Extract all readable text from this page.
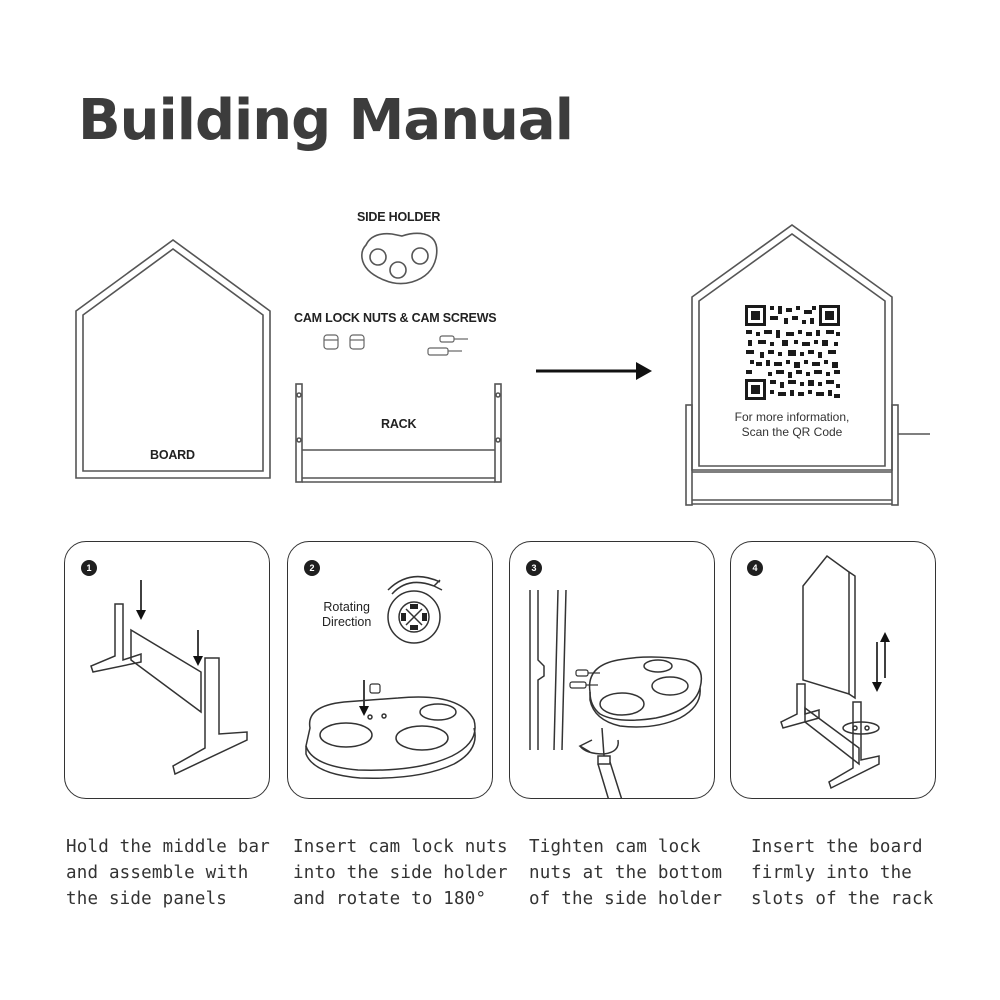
Building Manual
SIDE HOLDER
CAM LOCK NUTS & CAM SCREWS
RACK
BOARD
For more information,
Scan the QR Code
1	2
Rotating
Direction
3	4
Hold the middle bar
and assemble with
the side panels
Insert cam lock nuts
into the side holder
and rotate to 180°
Tighten cam lock
nuts at the bottom
of the side holder
Insert the board
firmly into the
slots of the rack
